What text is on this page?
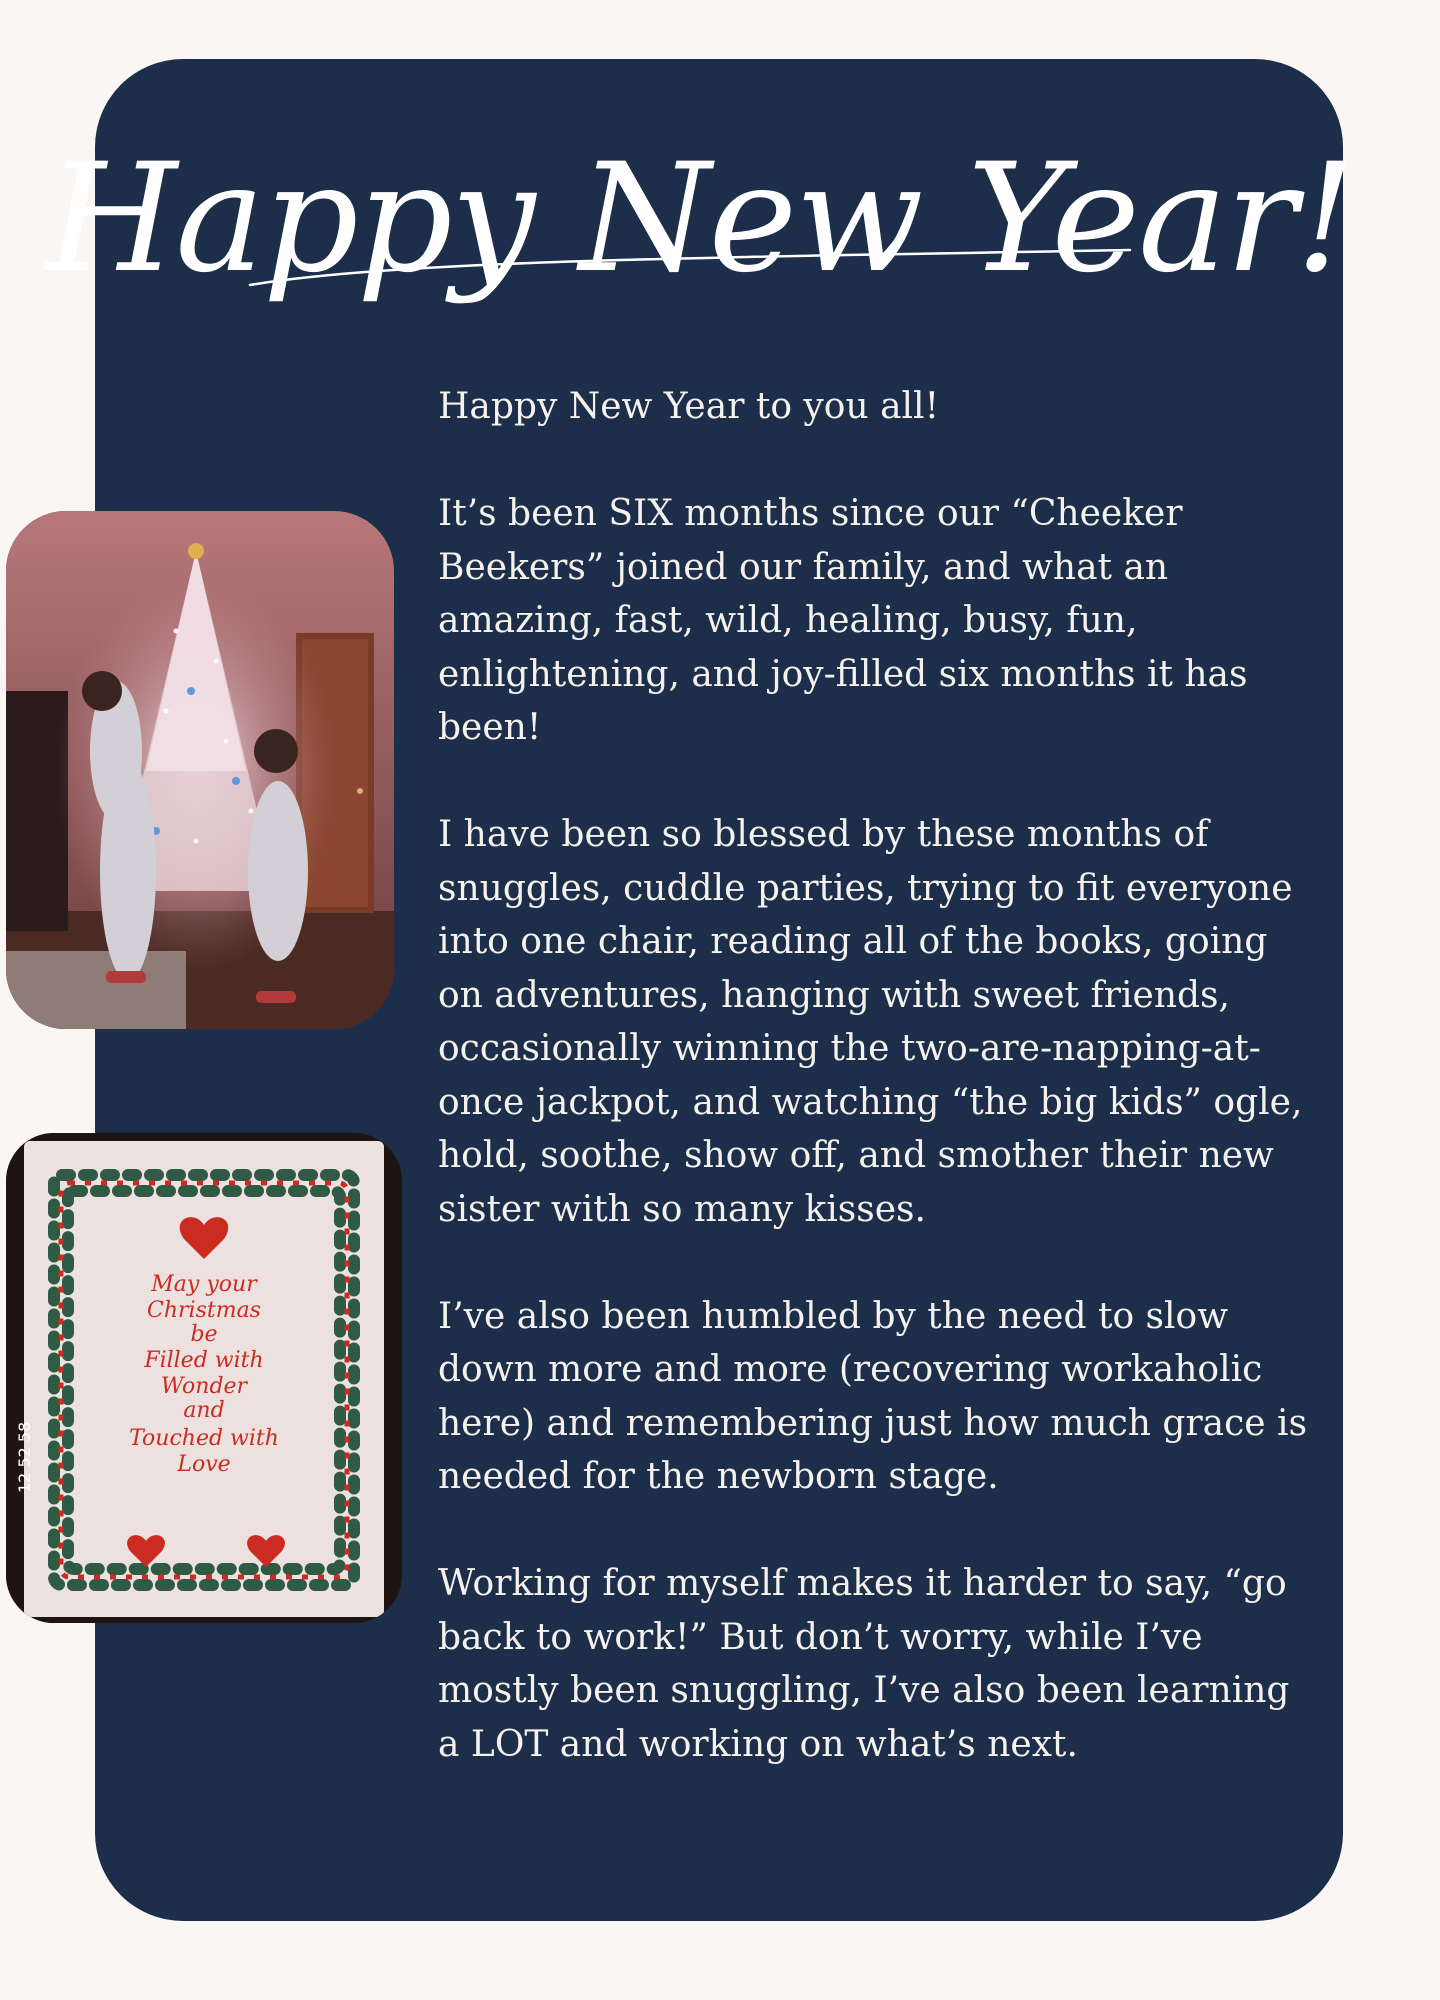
Happy New Year!
May your
Christmas
be
Filled with
Wonder
and
Touched with
Love
12 52 58

Happy New Year to you all!

It’s been SIX months since our “Cheeker Beekers” joined our family, and what an amazing, fast, wild, healing, busy, fun, enlightening, and joy-filled six months it has been!

I have been so blessed by these months of snuggles, cuddle parties, trying to fit everyone into one chair, reading all of the books, going on adventures, hanging with sweet friends, occasionally winning the two-are-napping-at-once jackpot, and watching “the big kids” ogle, hold, soothe, show off, and smother their new sister with so many kisses.

I’ve also been humbled by the need to slow down more and more (recovering workaholic here) and remembering just how much grace is needed for the newborn stage.

Working for myself makes it harder to say, “go back to work!” But don’t worry, while I’ve mostly been snuggling, I’ve also been learning a LOT and working on what’s next.
